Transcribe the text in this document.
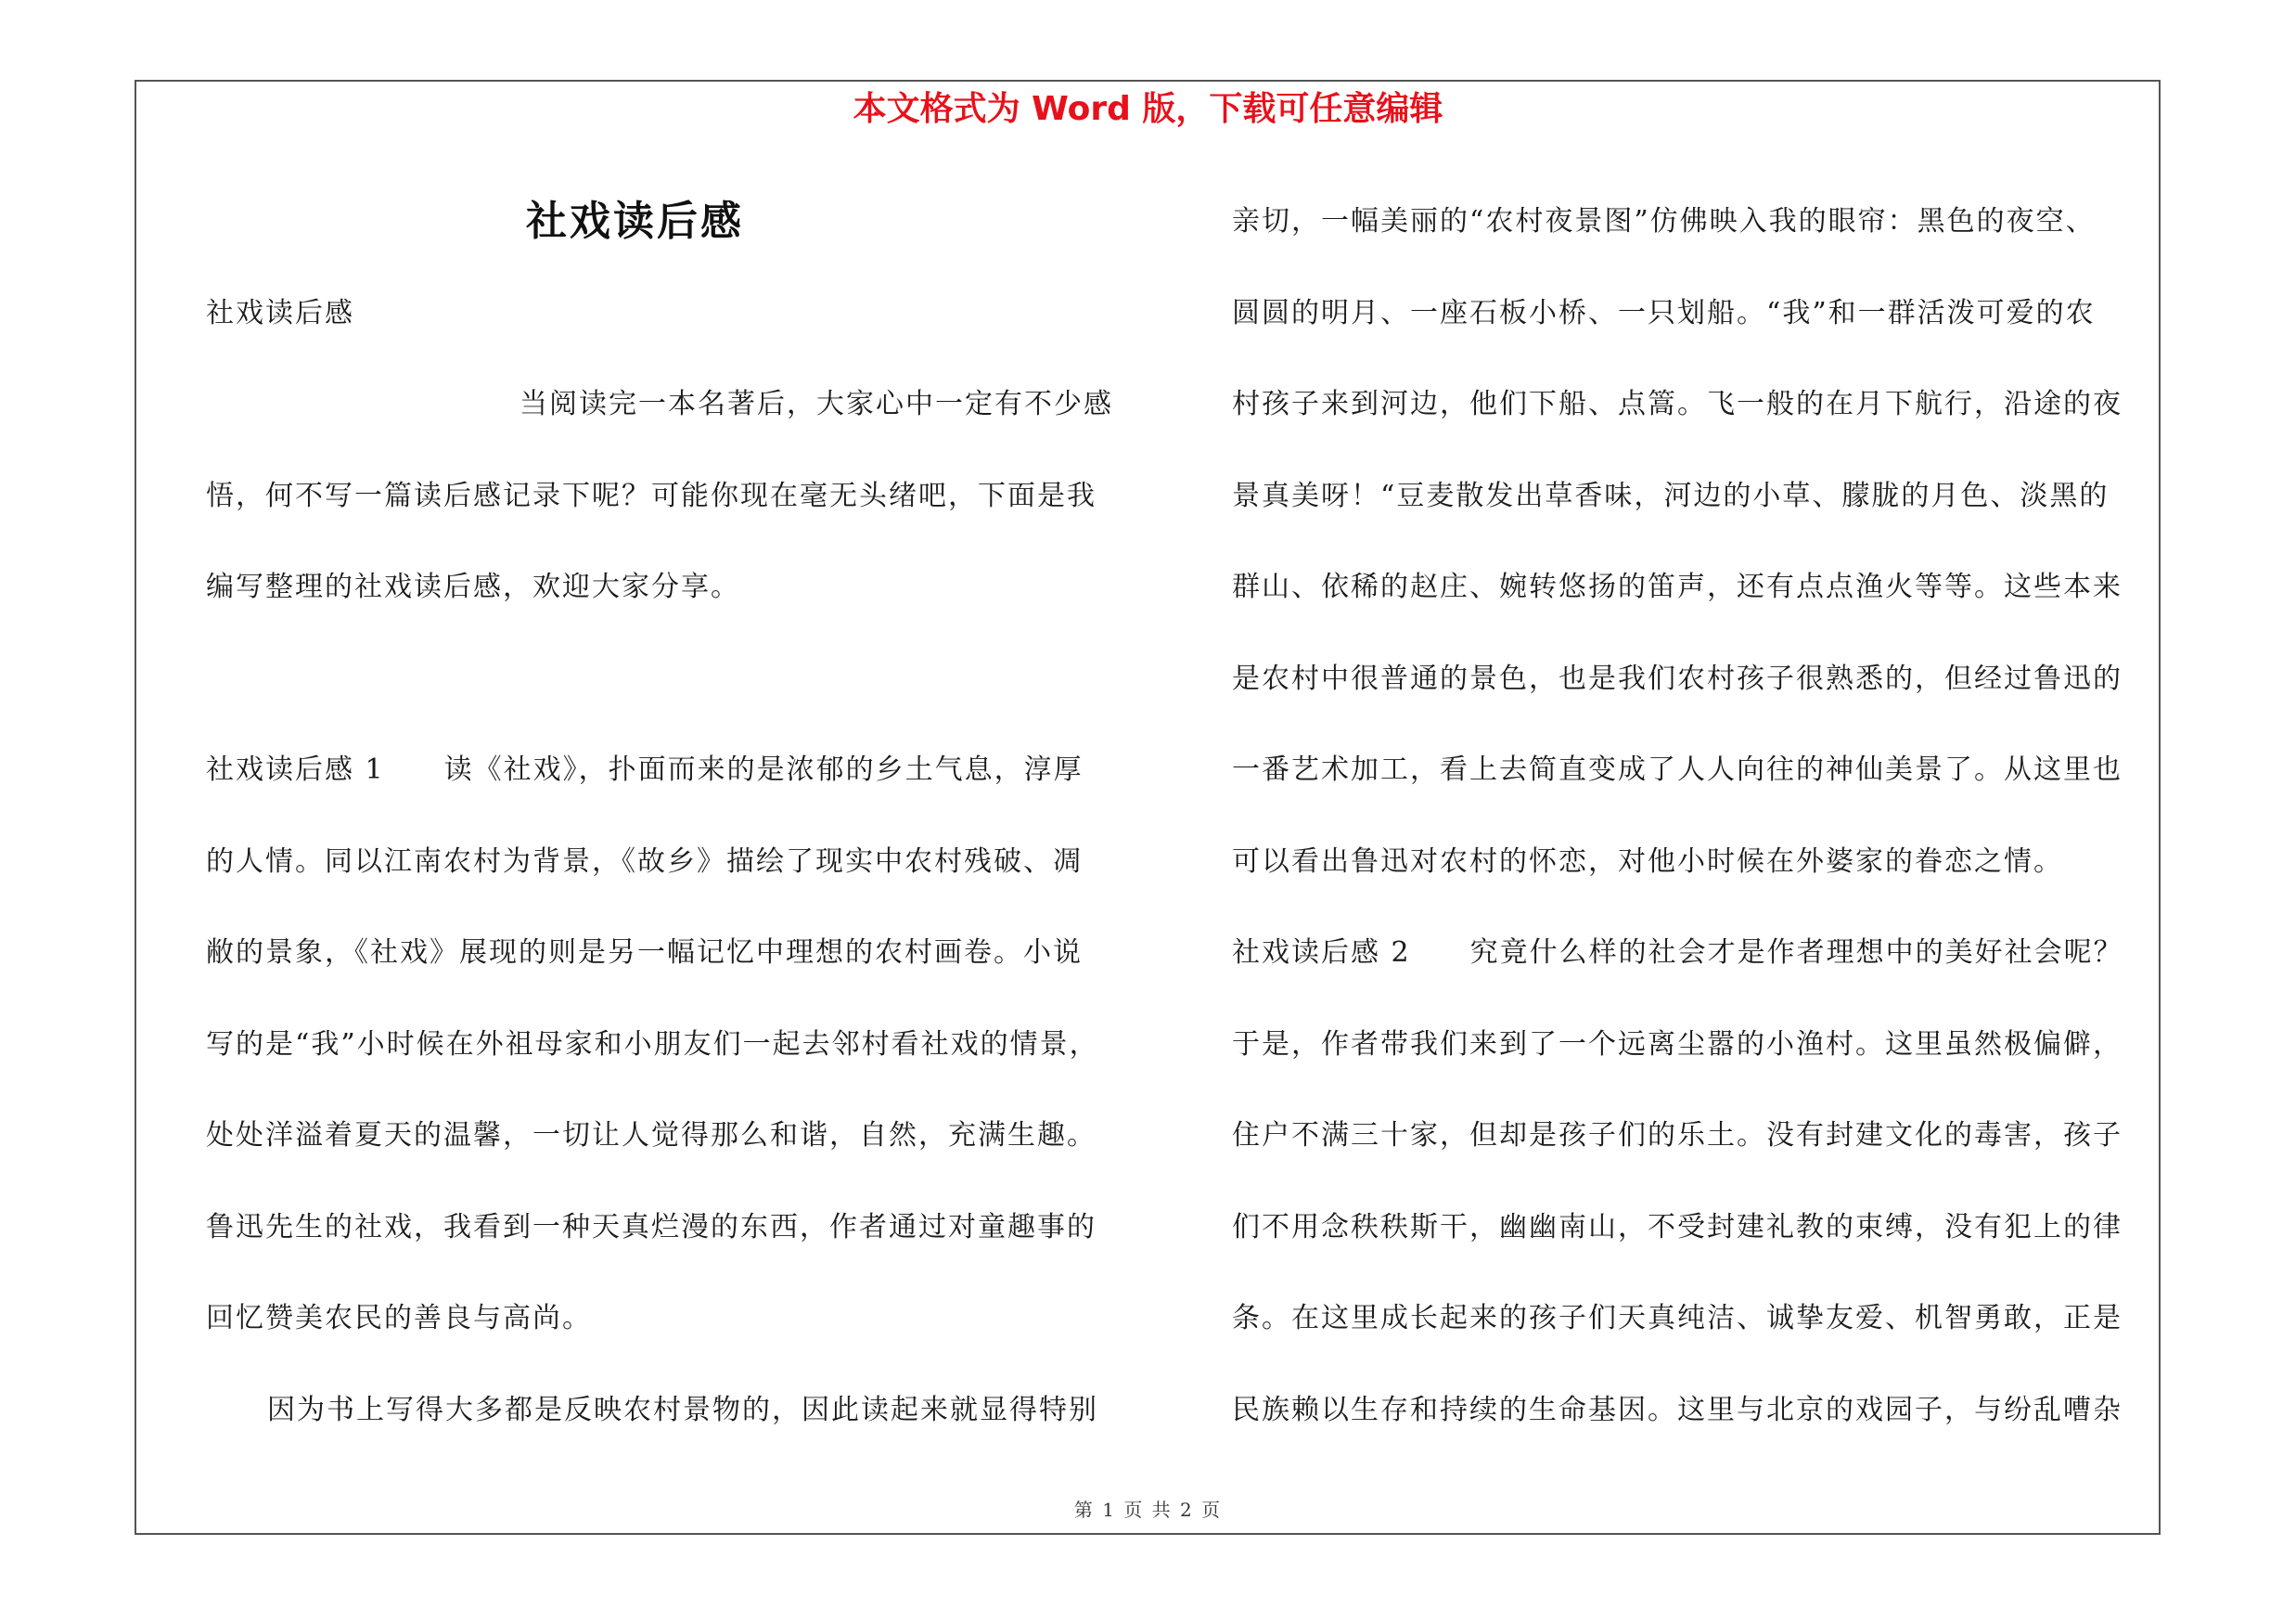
本文格式为 Word 版，下载可任意编辑
社戏读后感
社戏读后感
当阅读完一本名著后，大家心中一定有不少感
悟，何不写一篇读后感记录下呢？可能你现在毫无头绪吧，下面是我
编写整理的社戏读后感，欢迎大家分享。
社戏读后感 1 读《社戏》，扑面而来的是浓郁的乡土气息，淳厚
的人情。同以江南农村为背景，《故乡》描绘了现实中农村残破、凋
敝的景象，《社戏》展现的则是另一幅记忆中理想的农村画卷。小说
写的是“我”小时候在外祖母家和小朋友们一起去邻村看社戏的情景，
处处洋溢着夏天的温馨，一切让人觉得那么和谐，自然，充满生趣。
鲁迅先生的社戏，我看到一种天真烂漫的东西，作者通过对童趣事的
回忆赞美农民的善良与高尚。
因为书上写得大多都是反映农村景物的，因此读起来就显得特别
亲切，一幅美丽的“农村夜景图”仿佛映入我的眼帘：黑色的夜空、
圆圆的明月、一座石板小桥、一只划船。“我”和一群活泼可爱的农
村孩子来到河边，他们下船、点篙。飞一般的在月下航行，沿途的夜
景真美呀！“豆麦散发出草香味，河边的小草、朦胧的月色、淡黑的
群山、依稀的赵庄、婉转悠扬的笛声，还有点点渔火等等。这些本来
是农村中很普通的景色，也是我们农村孩子很熟悉的，但经过鲁迅的
一番艺术加工，看上去简直变成了人人向往的神仙美景了。从这里也
可以看出鲁迅对农村的怀恋，对他小时候在外婆家的眷恋之情。
社戏读后感 2 究竟什么样的社会才是作者理想中的美好社会呢？
于是，作者带我们来到了一个远离尘嚣的小渔村。这里虽然极偏僻，
住户不满三十家，但却是孩子们的乐土。没有封建文化的毒害，孩子
们不用念秩秩斯干，幽幽南山，不受封建礼教的束缚，没有犯上的律
条。在这里成长起来的孩子们天真纯洁、诚挚友爱、机智勇敢，正是
民族赖以生存和持续的生命基因。这里与北京的戏园子，与纷乱嘈杂
第 1 页 共 2 页
